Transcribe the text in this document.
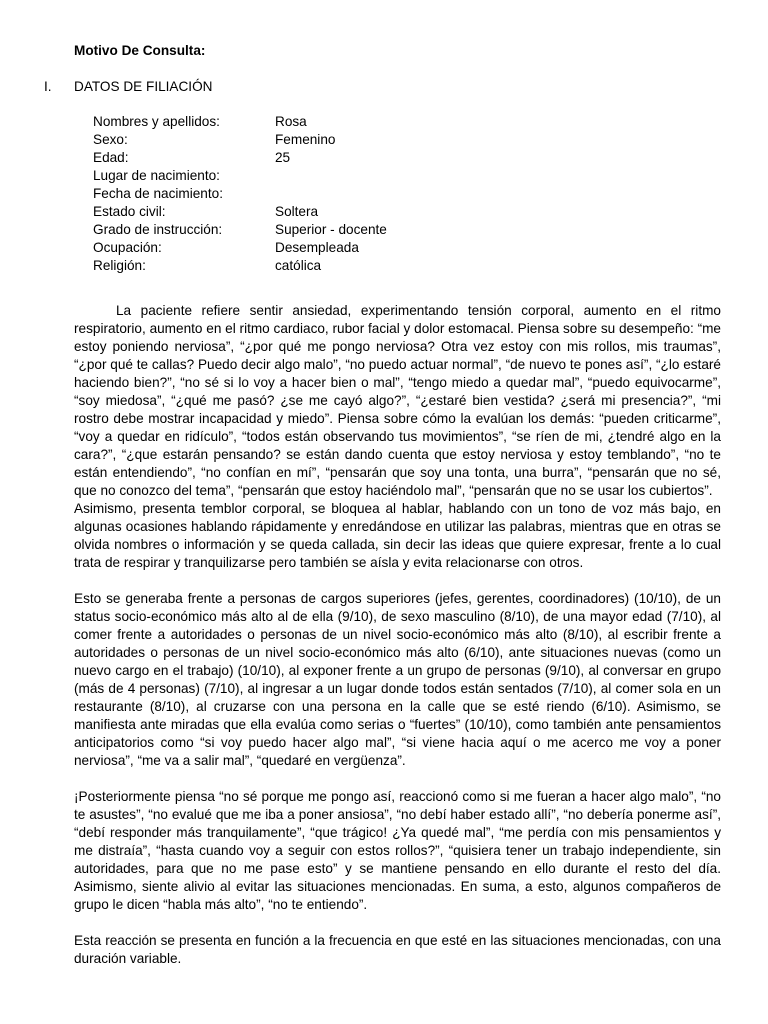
Motivo De Consulta:
I. DATOS DE FILIACIÓN
Nombres y apellidos:	Rosa
Sexo:	Femenino
Edad:	25
Lugar de nacimiento:
Fecha de nacimiento:
Estado civil:	Soltera
Grado de instrucción:	Superior - docente
Ocupación:	Desempleada
Religión:	católica

La paciente refiere sentir ansiedad, experimentando tensión corporal, aumento en el ritmo respiratorio, aumento en el ritmo cardiaco, rubor facial y dolor estomacal. Piensa sobre su desempeño: “me estoy poniendo nerviosa”, “¿por qué me pongo nerviosa? Otra vez estoy con mis rollos, mis traumas”, “¿por qué te callas? Puedo decir algo malo”, “no puedo actuar normal”, “de nuevo te pones así”, “¿lo estaré haciendo bien?”, “no sé si lo voy a hacer bien o mal”, “tengo miedo a quedar mal”, “puedo equivocarme”, “soy miedosa”, “¿qué me pasó? ¿se me cayó algo?”, “¿estaré bien vestida? ¿será mi presencia?”, “mi rostro debe mostrar incapacidad y miedo”. Piensa sobre cómo la evalúan los demás: “pueden criticarme”, “voy a quedar en ridículo”, “todos están observando tus movimientos”, “se ríen de mi, ¿tendré algo en la cara?”, “¿que estarán pensando? se están dando cuenta que estoy nerviosa y estoy temblando”, “no te están entendiendo”, “no confían en mí”, “pensarán que soy una tonta, una burra”, “pensarán que no sé, que no conozco del tema”, “pensarán que estoy haciéndolo mal”, “pensarán que no se usar los cubiertos”.

Asimismo, presenta temblor corporal, se bloquea al hablar, hablando con un tono de voz más bajo, en algunas ocasiones hablando rápidamente y enredándose en utilizar las palabras, mientras que en otras se olvida nombres o información y se queda callada, sin decir las ideas que quiere expresar, frente a lo cual trata de respirar y tranquilizarse pero también se aísla y evita relacionarse con otros.

Esto se generaba frente a personas de cargos superiores (jefes, gerentes, coordinadores) (10/10), de un status socio-económico más alto al de ella (9/10), de sexo masculino (8/10), de una mayor edad (7/10), al comer frente a autoridades o personas de un nivel socio-económico más alto (8/10), al escribir frente a autoridades o personas de un nivel socio-económico más alto (6/10), ante situaciones nuevas (como un nuevo cargo en el trabajo) (10/10), al exponer frente a un grupo de personas (9/10), al conversar en grupo (más de 4 personas) (7/10), al ingresar a un lugar donde todos están sentados (7/10), al comer sola en un restaurante (8/10), al cruzarse con una persona en la calle que se esté riendo (6/10). Asimismo, se manifiesta ante miradas que ella evalúa como serias o “fuertes” (10/10), como también ante pensamientos anticipatorios como “si voy puedo hacer algo mal”, “si viene hacia aquí o me acerco me voy a poner nerviosa”, “me va a salir mal”, “quedaré en vergüenza”.

¡Posteriormente piensa “no sé porque me pongo así, reaccionó como si me fueran a hacer algo malo”, “no te asustes”, “no evalué que me iba a poner ansiosa”, “no debí haber estado allí”, “no debería ponerme así”, “debí responder más tranquilamente”, “que trágico! ¿Ya quedé mal”, “me perdía con mis pensamientos y me distraía”, “hasta cuando voy a seguir con estos rollos?”, “quisiera tener un trabajo independiente, sin autoridades, para que no me pase esto” y se mantiene pensando en ello durante el resto del día. Asimismo, siente alivio al evitar las situaciones mencionadas. En suma, a esto, algunos compañeros de grupo le dicen “habla más alto”, “no te entiendo”.

Esta reacción se presenta en función a la frecuencia en que esté en las situaciones mencionadas, con una duración variable.
